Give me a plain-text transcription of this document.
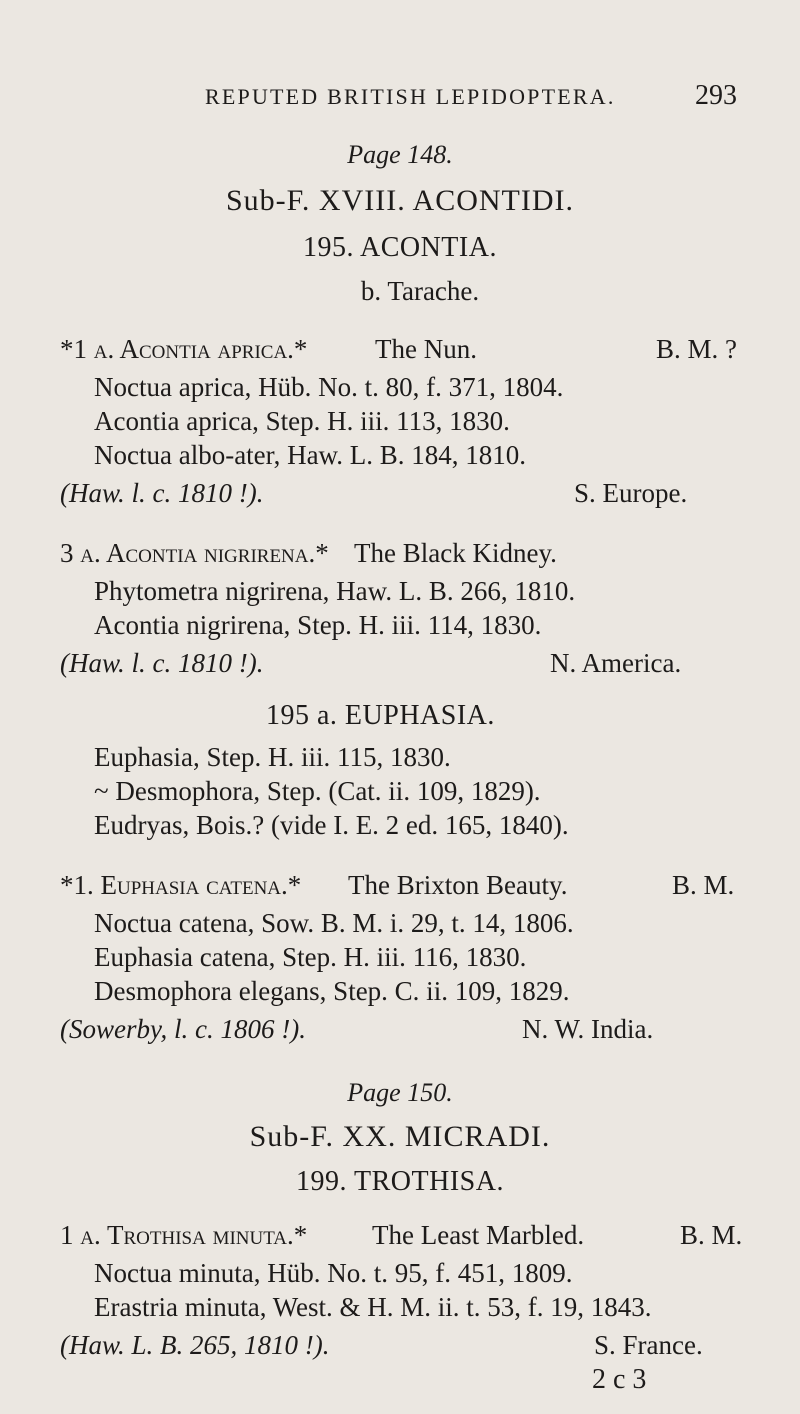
REPUTED BRITISH LEPIDOPTERA.	293
Page 148.
Sub-F. XVIII. ACONTIDI.
195. ACONTIA.
b. Tarache.
*1 a. Acontia aprica.*	The Nun.	B. M. ?
Noctua aprica, Hüb. No. t. 80, f. 371, 1804.
Acontia aprica, Step. H. iii. 113, 1830.
Noctua albo-ater, Haw. L. B. 184, 1810.
(Haw. l. c. 1810 !).	S. Europe.
3 a. Acontia nigrirena.* The Black Kidney.
Phytometra nigrirena, Haw. L. B. 266, 1810.
Acontia nigrirena, Step. H. iii. 114, 1830.
(Haw. l. c. 1810 !).	N. America.
195 a. EUPHASIA.
Euphasia, Step. H. iii. 115, 1830.
~ Desmophora, Step. (Cat. ii. 109, 1829).
Eudryas, Bois.? (vide I. E. 2 ed. 165, 1840).
*1. Euphasia catena.* The Brixton Beauty.	B. M.
Noctua catena, Sow. B. M. i. 29, t. 14, 1806.
Euphasia catena, Step. H. iii. 116, 1830.
Desmophora elegans, Step. C. ii. 109, 1829.
(Sowerby, l. c. 1806 !).	N. W. India.
Page 150.
Sub-F. XX. MICRADI.
199. TROTHISA.
1 a. Trothisa minuta.* The Least Marbled.	B. M.
Noctua minuta, Hüb. No. t. 95, f. 451, 1809.
Erastria minuta, West. & H. M. ii. t. 53, f. 19, 1843.
(Haw. L. B. 265, 1810 !).	S. France.
2 c 3
